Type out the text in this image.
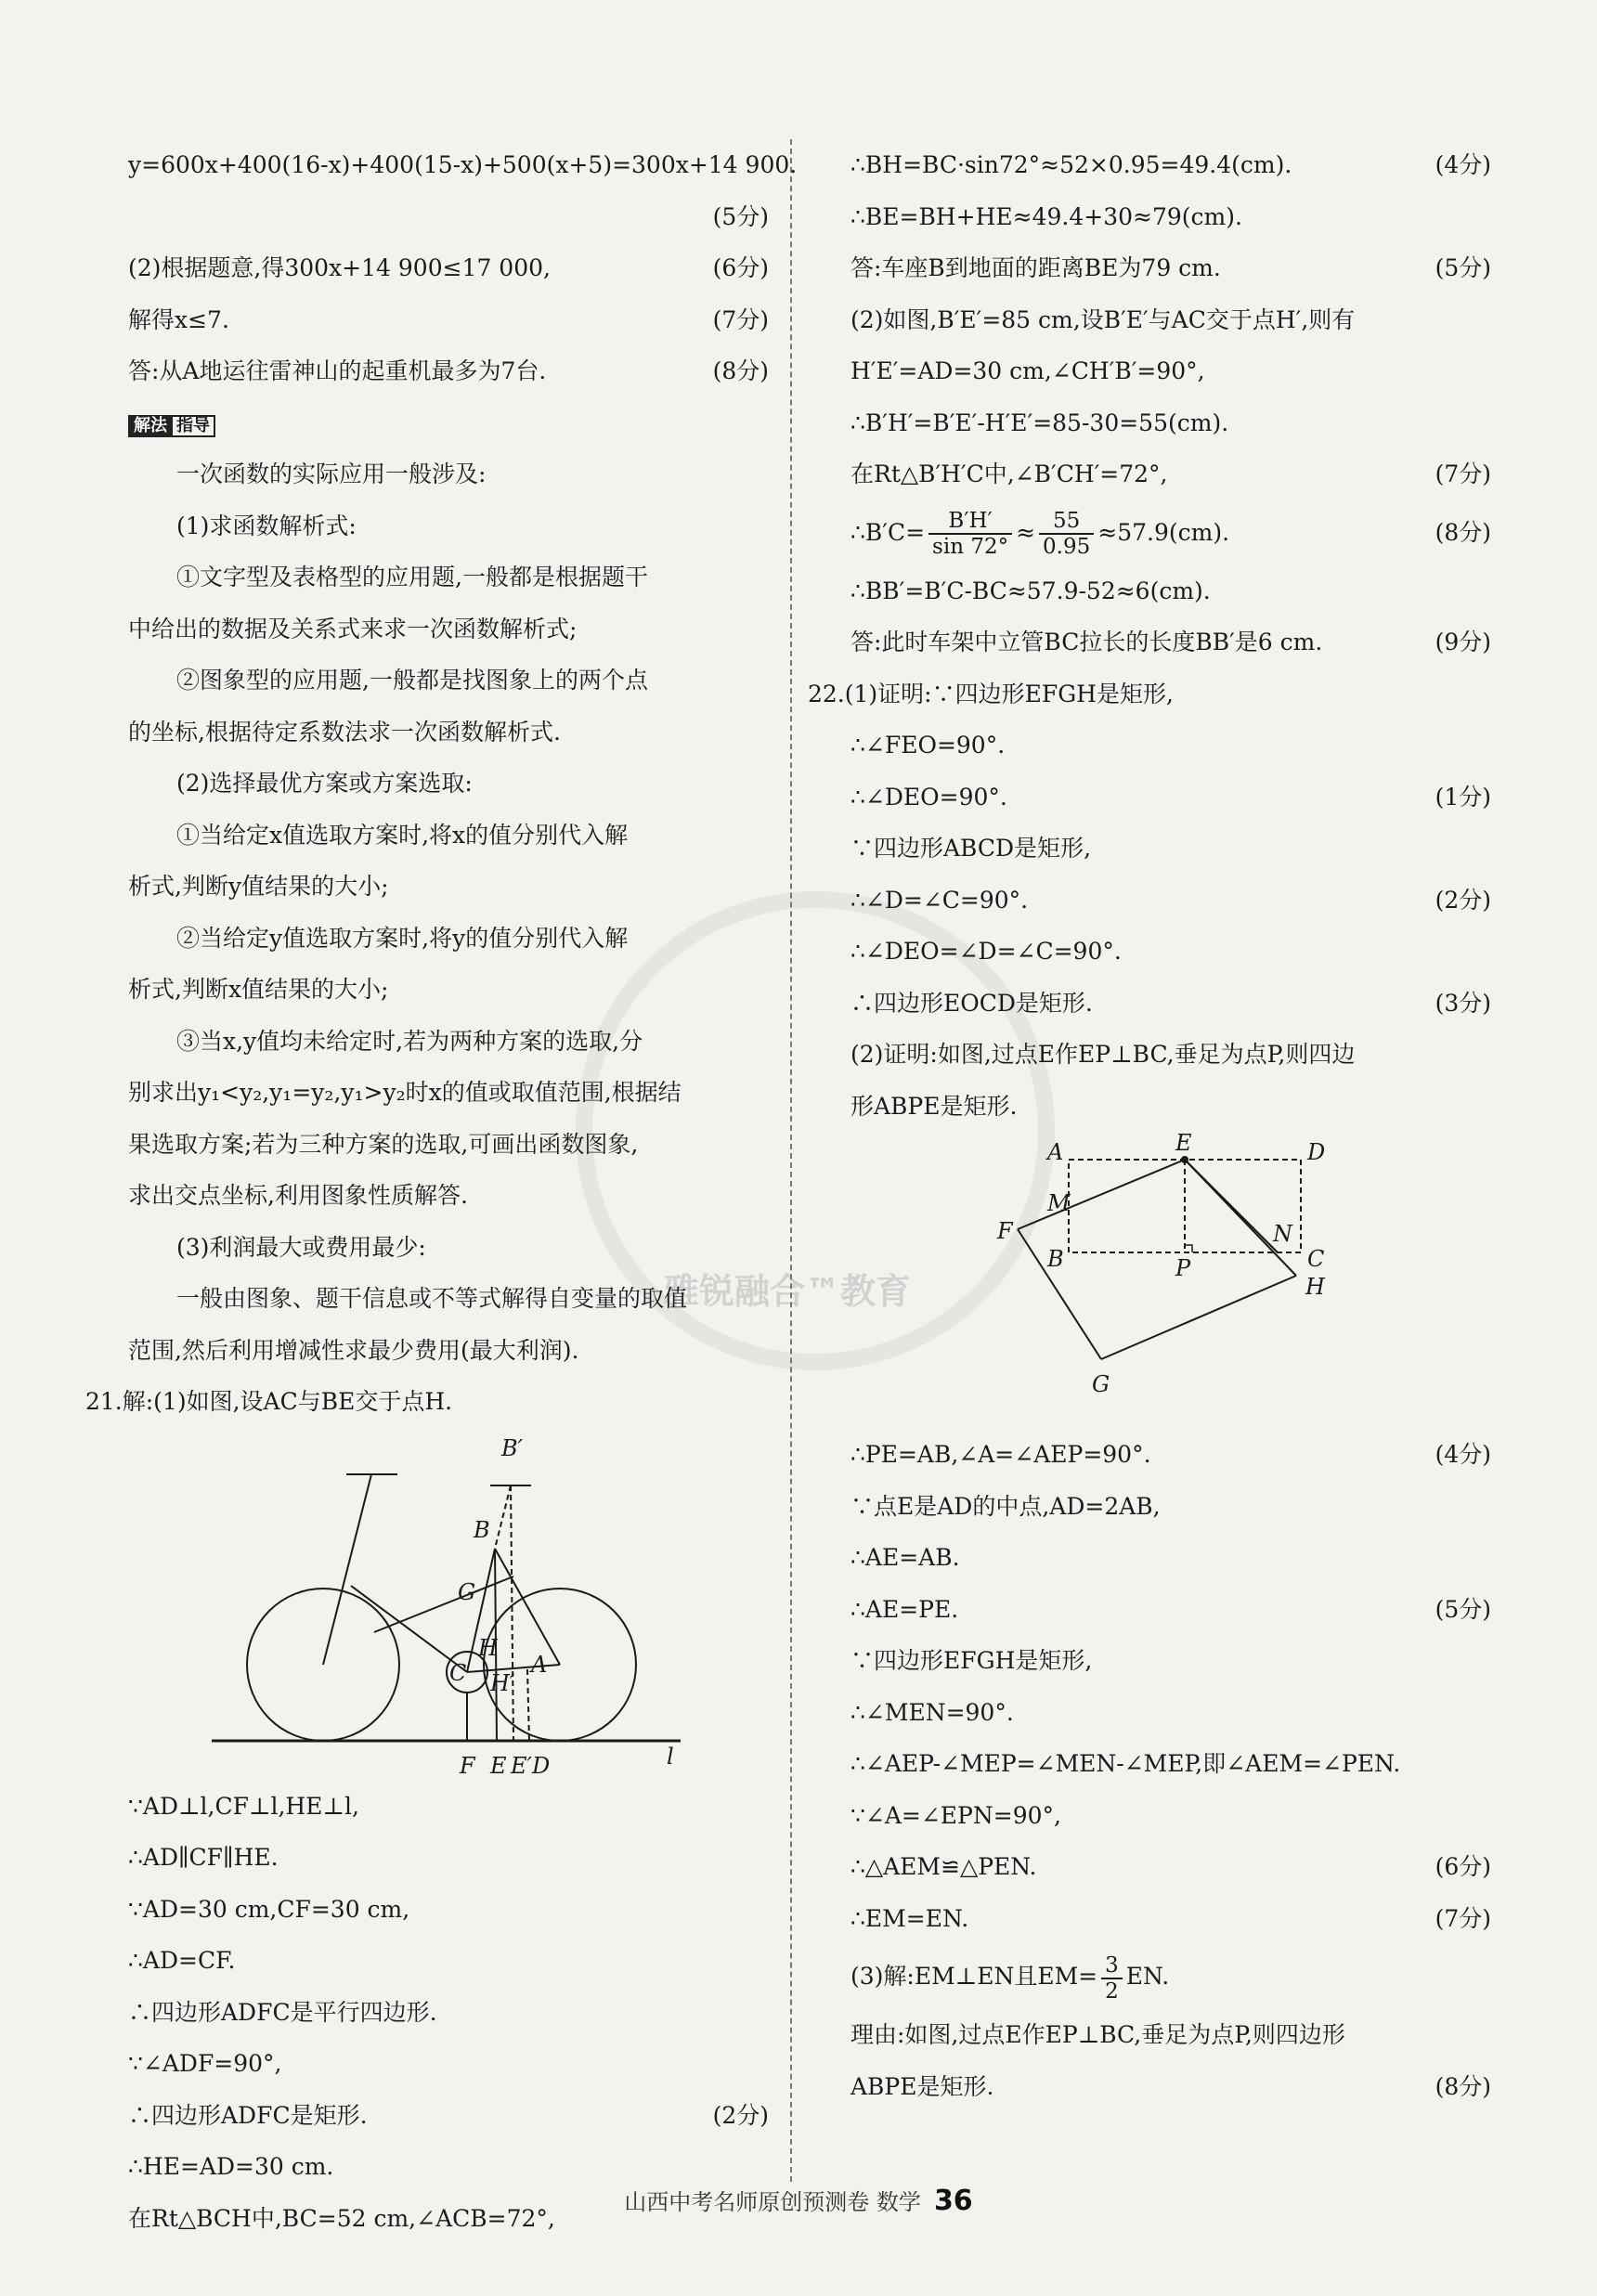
雅锐融合™教育
y=600x+400(16-x)+400(15-x)+500(x+5)=300x+14 900.
(5分)
(2)根据题意,得300x+14 900≤17 000,	(6分)
解得x≤7.	(7分)
答:从A地运往雷神山的起重机最多为7台.	(8分)
解法 指导
一次函数的实际应用一般涉及:
(1)求函数解析式:
①文字型及表格型的应用题,一般都是根据题干
中给出的数据及关系式来求一次函数解析式;
②图象型的应用题,一般都是找图象上的两个点
的坐标,根据待定系数法求一次函数解析式.
(2)选择最优方案或方案选取:
①当给定x值选取方案时,将x的值分别代入解
析式,判断y值结果的大小;
②当给定y值选取方案时,将y的值分别代入解
析式,判断x值结果的大小;
③当x,y值均未给定时,若为两种方案的选取,分
别求出y₁<y₂,y₁=y₂,y₁>y₂时x的值或取值范围,根据结
果选取方案;若为三种方案的选取,可画出函数图象,
求出交点坐标,利用图象性质解答.
(3)利润最大或费用最少:
一般由图象、题干信息或不等式解得自变量的取值
范围,然后利用增减性求最少费用(最大利润).
21.解:(1)如图,设AC与BE交于点H.
B′
B
G
C
H
H′
A
F E E′D	l
∵AD⊥l,CF⊥l,HE⊥l,
∴AD∥CF∥HE.
∵AD=30 cm,CF=30 cm,
∴AD=CF.
∴四边形ADFC是平行四边形.
∵∠ADF=90°,
∴四边形ADFC是矩形.	(2分)
∴HE=AD=30 cm.
在Rt△BCH中,BC=52 cm,∠ACB=72°,
∴BH=BC·sin72°≈52×0.95=49.4(cm).	(4分)
∴BE=BH+HE≈49.4+30≈79(cm).
答:车座B到地面的距离BE为79 cm.	(5分)
(2)如图,B′E′=85 cm,设B′E′与AC交于点H′,则有
H′E′=AD=30 cm,∠CH′B′=90°,
∴B′H′=B′E′-H′E′=85-30=55(cm).
在Rt△B′H′C中,∠B′CH′=72°,	(7分)
∴B′C= $\frac{B'H'}{\sin 72^\circ} \approx \frac{55}{0.95} \approx 57.9(cm)$.	(8分)
∴BB′=B′C-BC≈57.9-52≈6(cm).
答:此时车架中立管BC拉长的长度BB′是6 cm.	(9分)
22.(1)证明:∵四边形EFGH是矩形,
∴∠FEO=90°.
∴∠DEO=90°.	(1分)
∵四边形ABCD是矩形,
∴∠D=∠C=90°.	(2分)
∴∠DEO=∠D=∠C=90°.
∴四边形EOCD是矩形.	(3分)
(2)证明:如图,过点E作EP⊥BC,垂足为点P,则四边
形ABPE是矩形.
A	E	D
M
N
B	P	C
F
H
G
∴PE=AB,∠A=∠AEP=90°.	(4分)
∵点E是AD的中点,AD=2AB,
∴AE=AB.
∴AE=PE.	(5分)
∵四边形EFGH是矩形,
∴∠MEN=90°.
∴∠AEP-∠MEP=∠MEN-∠MEP,即∠AEM=∠PEN.
∵∠A=∠EPN=90°,
∴△AEM≌△PEN.	(6分)
∴EM=EN.	(7分)
(3)解:EM⊥EN且$EM= \frac{3}{2}$ EN.
理由:如图,过点E作EP⊥BC,垂足为点P,则四边形
ABPE是矩形.	(8分)
山西中考名师原创预测卷 数学 36
